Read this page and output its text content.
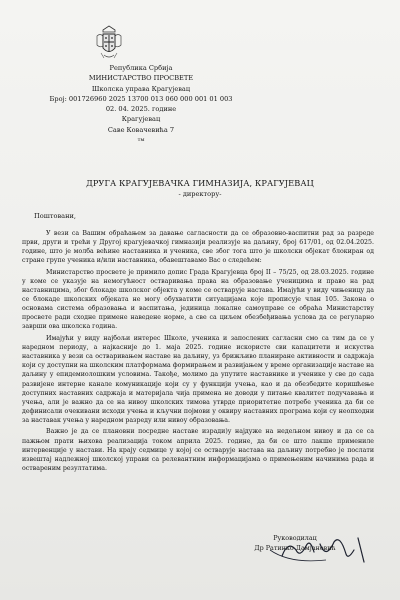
Република Србија
МИНИСТАРСТВО ПРОСВЕТЕ
Школска управа Крагујевац
Број: 001726960 2025 13700 013 060 000 001 01 003
02. 04. 2025. године
Крагујевац
Саве Ковачевића 7
тм
ДРУГА КРАГУЈЕВАЧКА ГИМНАЗИЈА, КРАГУЈЕВАЦ
- директору-
Поштовани,

У вези са Вашим обраћањем за давање сагласности да се образовно-васпитни рад за разреде први, други и трећи у Другој крагујевачкој гимназији реализује на даљину, број 617/01, од 02.04.2025. године, што је молба већине наставника и ученика, све због тога што је школски објекат блокиран од стране групе ученика и/или наставника, обавештавамо Вас о следећем:

Министарство просвете је примило допис Града Крагујевца број II – 75/25, од 28.03.2025. године у коме се указује на немогућност остваривања права на образовање ученицима и право на рад наставницима, због блокаде школског објекта у коме се остварује настава. Имајући у виду чињеницу да се блокаде школских објеката не могу обухватити ситуацијама које прописује члан 105. Закона о основама система образовања и васпитања, јединица локалне самоуправе се обраћа Министарству просвете ради сходне примене наведене норме, а све са циљем обезбеђивања услова да се регуларно заврши ова школска година.

Имајући у виду најбољи интерес Школе, ученика и запослених сагласни смо са тим да се у наредном периоду, а најкасније до 1. маја 2025. године искористе сви капацитети и искуства наставника у вези са остваривањем наставе на даљину, уз брижљиво планиране активности и садржаја који су доступни на школским платформама формирањем и развијањем у време организације наставе на даљину у епидемиолошким условима. Такође, молимо да упутите наставнике и ученике у све до сада развијене интерне канале комуникације који су у функцији учења, као и да обезбедите коришћење доступних наставних садржаја и материјала чија примена не доводи у питање квалитет подучавања и учења, али је важно да се на нивоу школских тимова утврде приоритетне потребе ученика да би се дефинисали очекивани исходи учења и кључни појмови у оквиру наставних програма који су неопходни за наставак учења у наредном разреду или нивоу образовања.

Важно је да се плановни посредне наставе изради)у најдуже на недељном нивоу и да се са пажњом прати њихова реализација током априла 2025. године, да би се што лакше примениле интервенције у настави. На крају седмице у којој се остварује настава на даљину потребно је послати извештај надлежној школској управи са релевантним информацијама о примењеним начинима рада и оствареним резултатима.

Руководилац
Др Ратинко Дамјановић
